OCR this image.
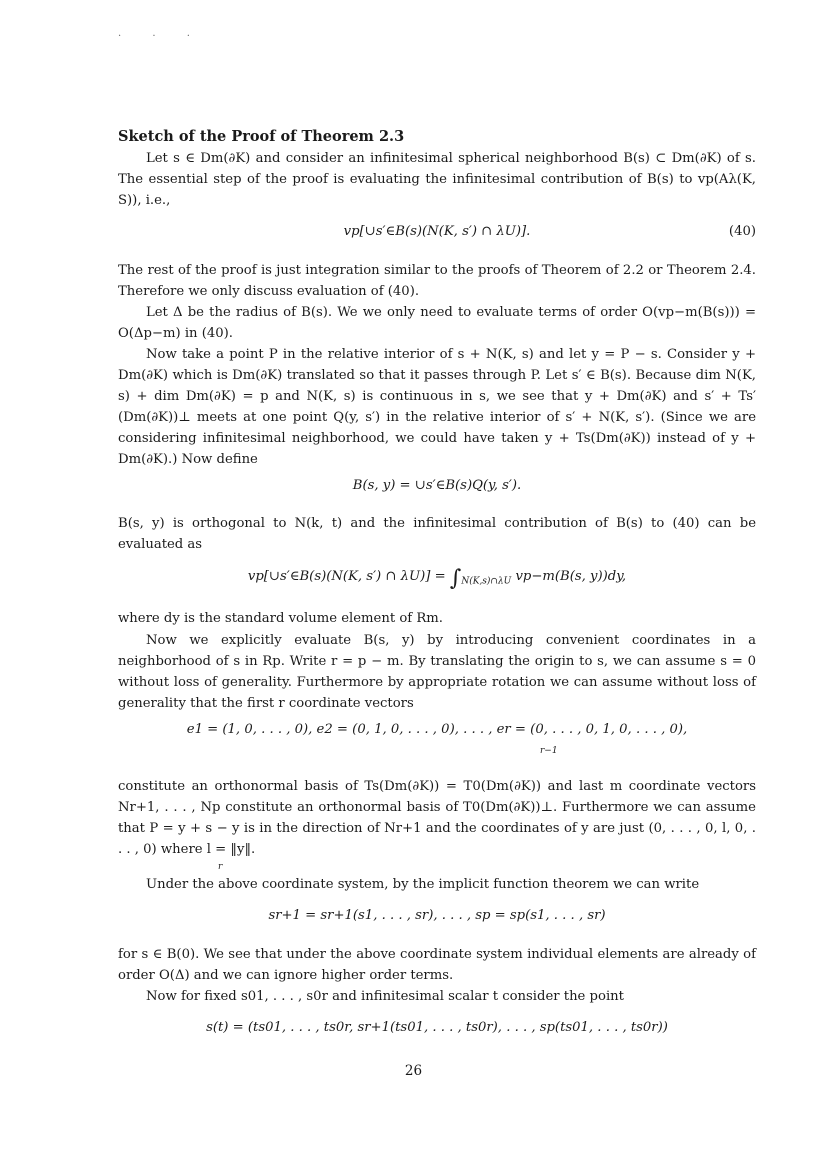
. . .
Sketch of the Proof of Theorem 2.3
Let s ∈ Dm(∂K) and consider an infinitesimal spherical neighborhood B(s) ⊂ Dm(∂K) of s. The essential step of the proof is evaluating the infinitesimal contribution of B(s) to vp(Aλ(K, S)), i.e.,
vp[∪s′∈B(s)(N(K, s′) ∩ λU)].	(40)
The rest of the proof is just integration similar to the proofs of Theorem of 2.2 or Theorem 2.4. Therefore we only discuss evaluation of (40).
Let Δ be the radius of B(s). We we only need to evaluate terms of order O(vp−m(B(s))) = O(Δp−m) in (40).
Now take a point P in the relative interior of s + N(K, s) and let y = P − s. Consider y + Dm(∂K) which is Dm(∂K) translated so that it passes through P. Let s′ ∈ B(s). Because dim N(K, s) + dim Dm(∂K) = p and N(K, s) is continuous in s, we see that y + Dm(∂K) and s′ + Ts′(Dm(∂K))⊥ meets at one point Q(y, s′) in the relative interior of s′ + N(K, s′). (Since we are considering infinitesimal neighborhood, we could have taken y + Ts(Dm(∂K)) instead of y + Dm(∂K).) Now define
B(s, y) = ∪s′∈B(s)Q(y, s′).
B(s, y) is orthogonal to N(k, t) and the infinitesimal contribution of B(s) to (40) can be evaluated as
vp[∪s′∈B(s)(N(K, s′) ∩ $\lambda U)] = \int_{N(K,s)\cap\lambda U}$ vp−m(B(s, y))dy,
where dy is the standard volume element of Rm.
Now we explicitly evaluate B(s, y) by introducing convenient coordinates in a neighborhood of s in Rp. Write r = p − m. By translating the origin to s, we can assume s = 0 without loss of generality. Furthermore by appropriate rotation we can assume without loss of generality that the first r coordinate vectors
e1 = (1, 0, . . . , 0), e2 = (0, 1, 0, . . . , 0), . . . , er = (0, . . . , 0, 1, 0, . . . , 0),
r−1
constitute an orthonormal basis of Ts(Dm(∂K)) = T0(Dm(∂K)) and last m coordinate vectors Nr+1, . . . , Np constitute an orthonormal basis of T0(Dm(∂K))⊥. Furthermore we can assume that P = y + s − y is in the direction of Nr+1 and the coordinates of y are just (0, . . . , 0, l, 0, . . . , 0) where l = ‖y‖.
r
Under the above coordinate system, by the implicit function theorem we can write
sr+1 = sr+1(s1, . . . , sr), . . . , sp = sp(s1, . . . , sr)
for s ∈ B(0). We see that under the above coordinate system individual elements are already of order O(Δ) and we can ignore higher order terms.
Now for fixed s01, . . . , s0r and infinitesimal scalar t consider the point
s(t) = (ts01, . . . , ts0r, sr+1(ts01, . . . , ts0r), . . . , sp(ts01, . . . , ts0r))
26
